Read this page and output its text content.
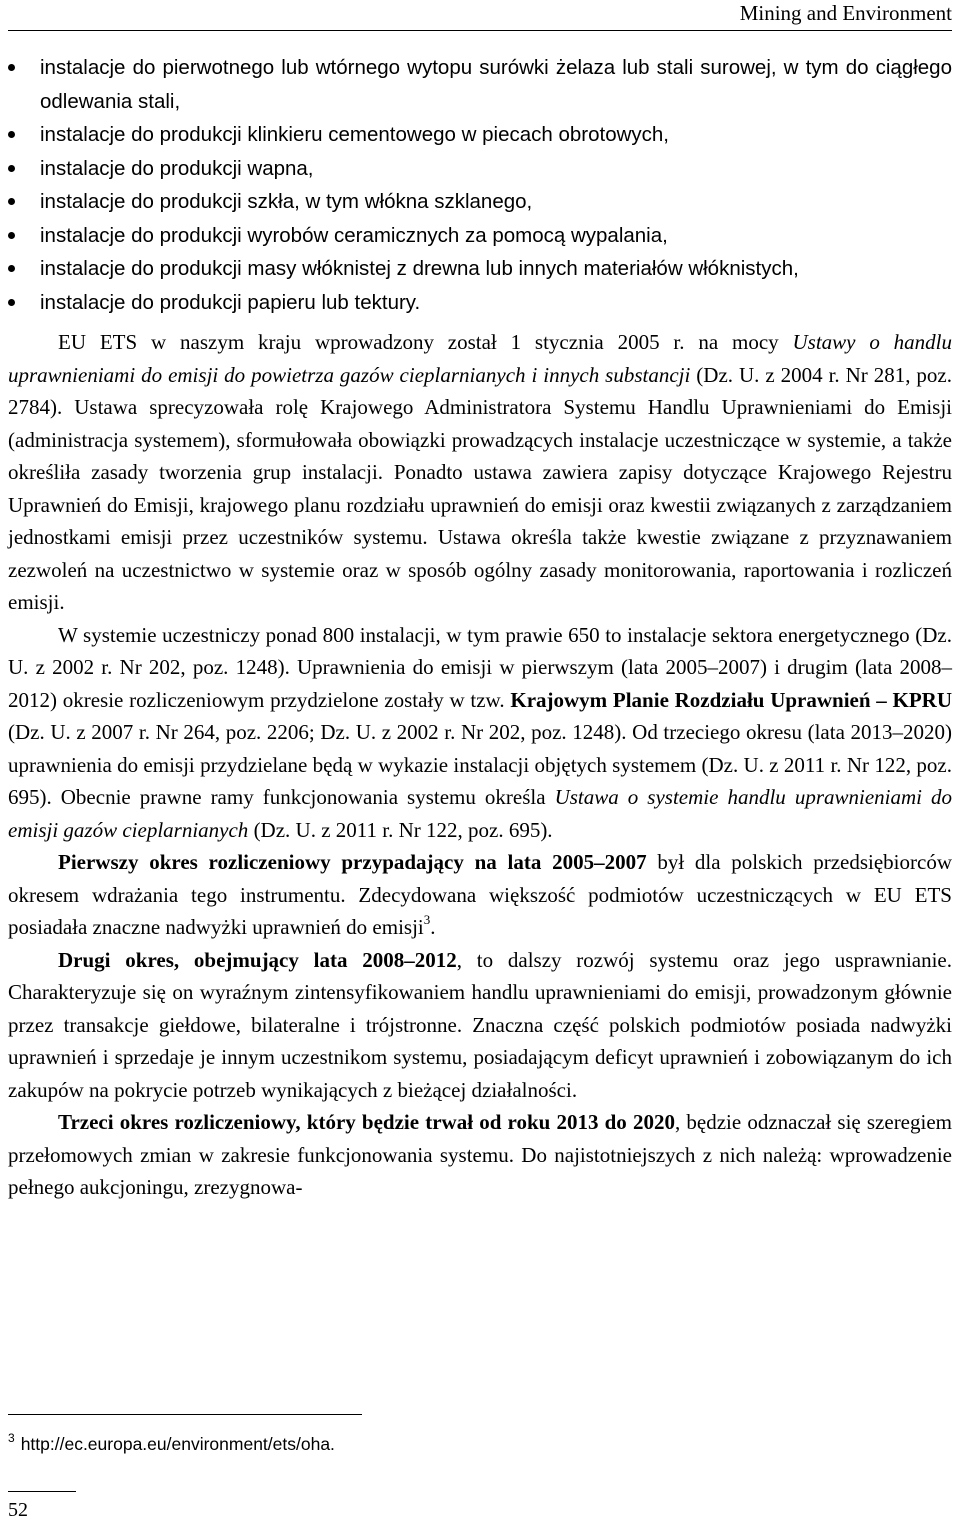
Mining and Environment
instalacje do pierwotnego lub wtórnego wytopu surówki żelaza lub stali surowej, w tym do ciągłego odlewania stali,
instalacje do produkcji klinkieru cementowego w piecach obrotowych,
instalacje do produkcji wapna,
instalacje do produkcji szkła, w tym włókna szklanego,
instalacje do produkcji wyrobów ceramicznych za pomocą wypalania,
instalacje do produkcji masy włóknistej z drewna lub innych materiałów włóknistych,
instalacje do produkcji papieru lub tektury.

EU ETS w naszym kraju wprowadzony został 1 stycznia 2005 r. na mocy Ustawy o handlu uprawnieniami do emisji do powietrza gazów cieplarnianych i innych substancji (Dz. U. z 2004 r. Nr 281, poz. 2784). Ustawa sprecyzowała rolę Krajowego Administratora Systemu Handlu Uprawnieniami do Emisji (administracja systemem), sformułowała obowiązki prowadzących instalacje uczestniczące w systemie, a także określiła zasady tworzenia grup instalacji. Ponadto ustawa zawiera zapisy dotyczące Krajowego Rejestru Uprawnień do Emisji, krajowego planu rozdziału uprawnień do emisji oraz kwestii związanych z zarządzaniem jednostkami emisji przez uczestników systemu. Ustawa określa także kwestie związane z przyznawaniem zezwoleń na uczestnictwo w systemie oraz w sposób ogólny zasady monitorowania, raportowania i rozliczeń emisji.

W systemie uczestniczy ponad 800 instalacji, w tym prawie 650 to instalacje sektora energetycznego (Dz. U. z 2002 r. Nr 202, poz. 1248). Uprawnienia do emisji w pierwszym (lata 2005–2007) i drugim (lata 2008–2012) okresie rozliczeniowym przydzielone zostały w tzw. Krajowym Planie Rozdziału Uprawnień – KPRU (Dz. U. z 2007 r. Nr 264, poz. 2206; Dz. U. z 2002 r. Nr 202, poz. 1248). Od trzeciego okresu (lata 2013–2020) uprawnienia do emisji przydzielane będą w wykazie instalacji objętych systemem (Dz. U. z 2011 r. Nr 122, poz. 695). Obecnie prawne ramy funkcjonowania systemu określa Ustawa o systemie handlu uprawnieniami do emisji gazów cieplarnianych (Dz. U. z 2011 r. Nr 122, poz. 695).

Pierwszy okres rozliczeniowy przypadający na lata 2005–2007 był dla polskich przedsiębiorców okresem wdrażania tego instrumentu. Zdecydowana większość podmiotów uczestniczących w EU ETS posiadała znaczne nadwyżki uprawnień do emisji$^3$.

Drugi okres, obejmujący lata 2008–2012, to dalszy rozwój systemu oraz jego usprawnianie. Charakteryzuje się on wyraźnym zintensyfikowaniem handlu uprawnieniami do emisji, prowadzonym głównie przez transakcje giełdowe, bilateralne i trójstronne. Znaczna część polskich podmiotów posiada nadwyżki uprawnień i sprzedaje je innym uczestnikom systemu, posiadającym deficyt uprawnień i zobowiązanym do ich zakupów na pokrycie potrzeb wynikających z bieżącej działalności.

Trzeci okres rozliczeniowy, który będzie trwał od roku 2013 do 2020, będzie odznaczał się szeregiem przełomowych zmian w zakresie funkcjonowania systemu. Do najistotniejszych z nich należą: wprowadzenie pełnego aukcjoningu, zrezygnowa-

$^3$ http://ec.europa.eu/environment/ets/oha.
52
